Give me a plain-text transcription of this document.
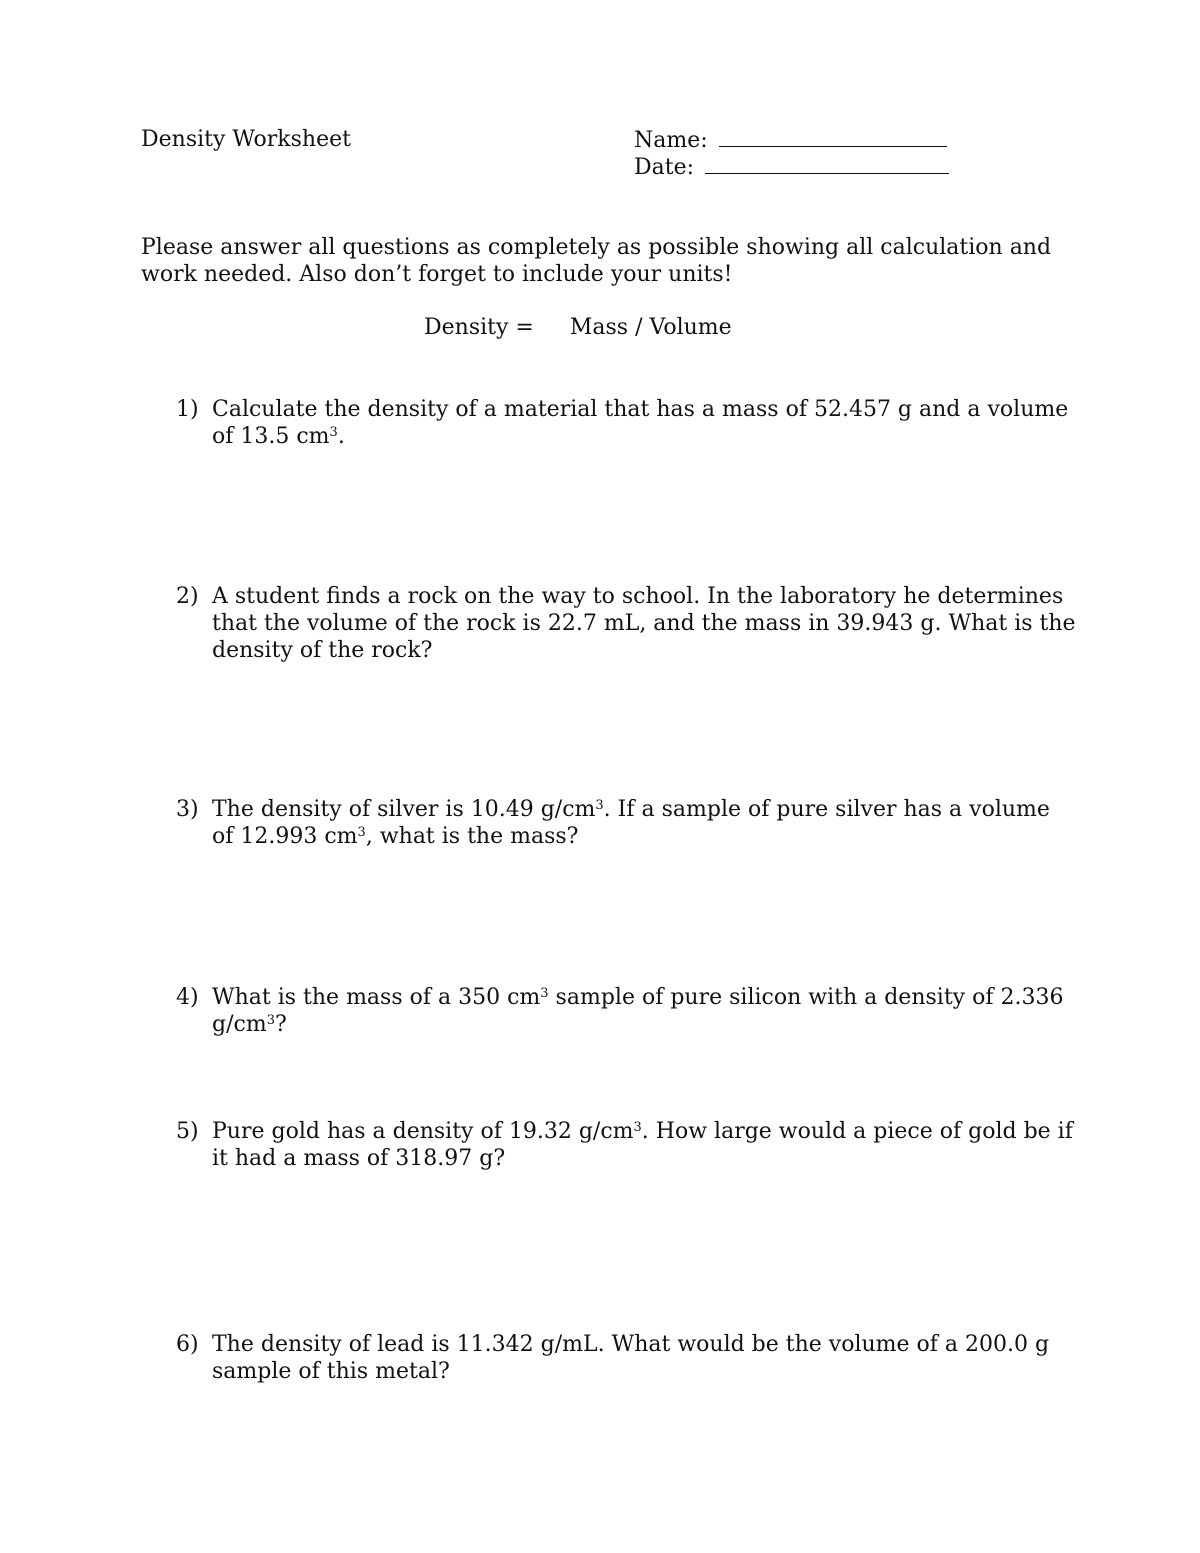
Density Worksheet	Name:
Date:
Please answer all questions as completely as possible showing all calculation and work needed. Also don’t forget to include your units!
Density = Mass / Volume
1) Calculate the density of a material that has a mass of 52.457 g and a volume of 13.5 $cm^3$.
2) A student finds a rock on the way to school. In the laboratory he determines that the volume of the rock is 22.7 mL, and the mass in 39.943 g. What is the density of the rock?
3) The density of silver is 10.49 $g/cm^3$. If a sample of pure silver has a volume of 12.993 $cm^3$, what is the mass?
4) What is the mass of a 350 $cm^3$ sample of pure silicon with a density of 2.336 $g/cm^3$?
5) Pure gold has a density of 19.32 $g/cm^3$. How large would a piece of gold be if it had a mass of 318.97 g?
6) The density of lead is 11.342 g/mL. What would be the volume of a 200.0 g sample of this metal?
